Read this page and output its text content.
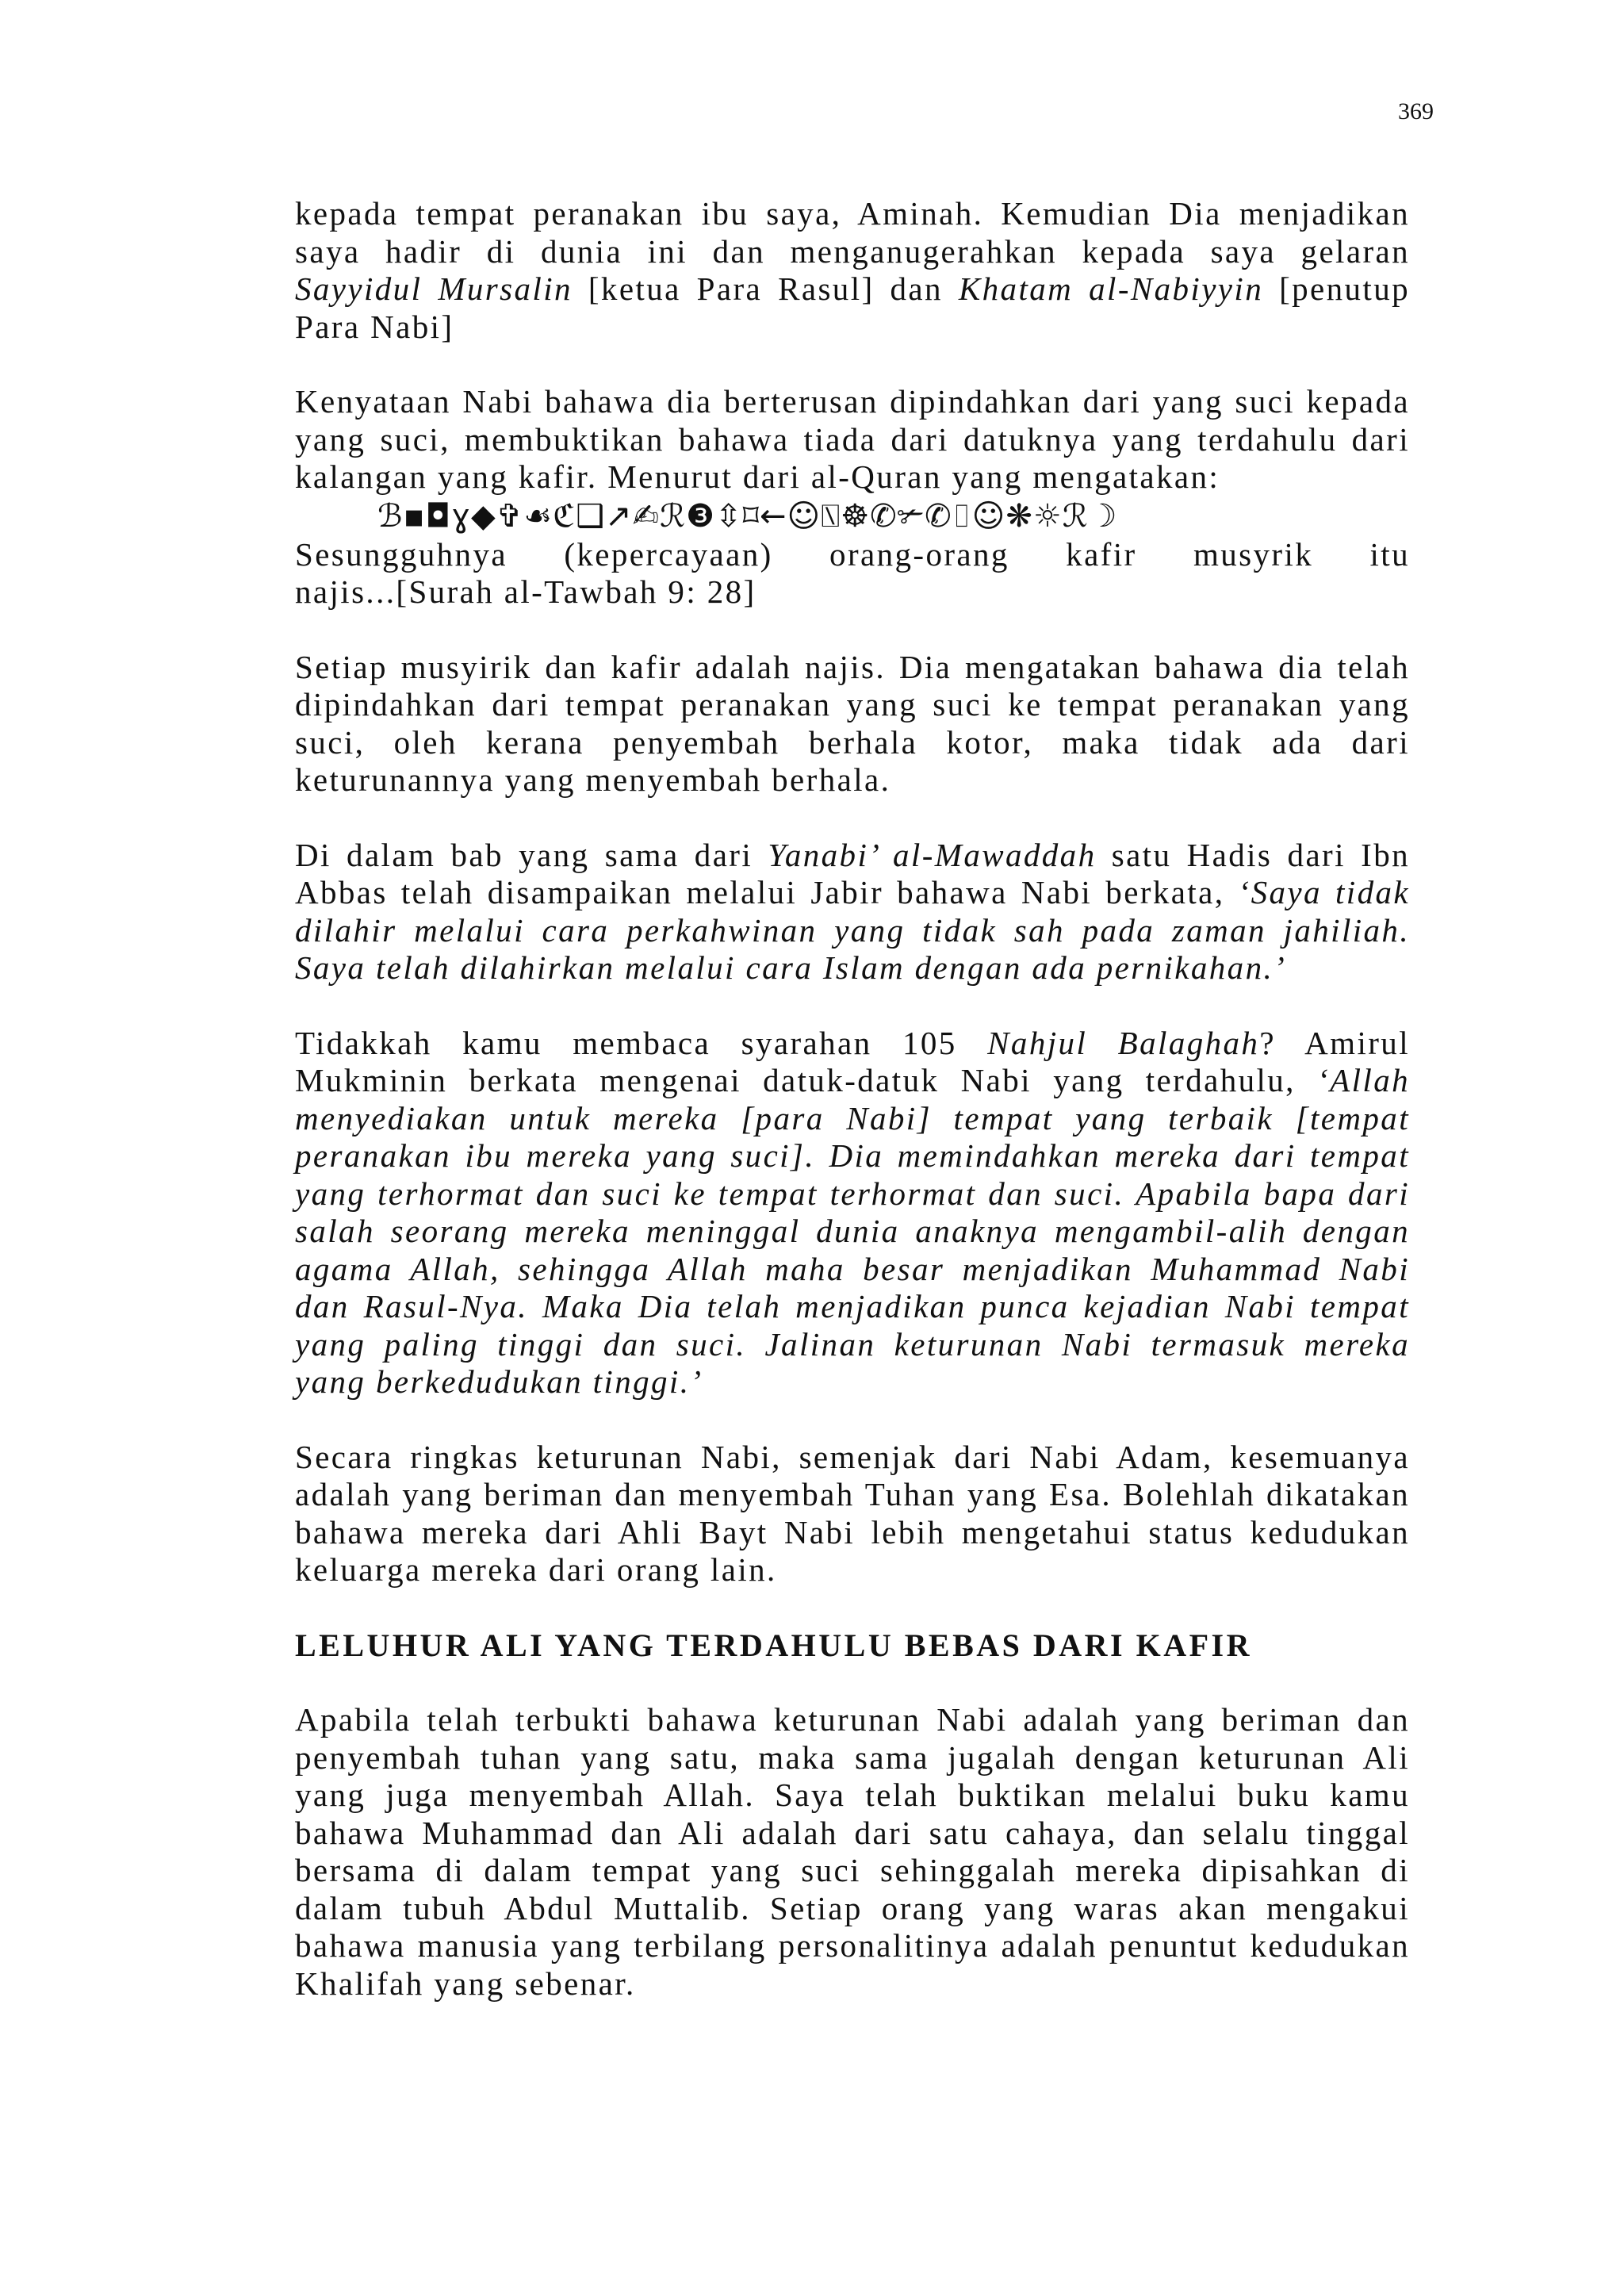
369

kepada tempat peranakan ibu saya, Aminah. Kemudian Dia menjadikan saya hadir di dunia ini dan menganugerahkan kepada saya gelaran Sayyidul Mursalin [ketua Para Rasul] dan Khatam al-Nabiyyin [penutup Para Nabi]

Kenyataan Nabi bahawa dia berterusan dipindahkan dari yang suci kepada yang suci, membuktikan bahawa tiada dari datuknya yang terdahulu dari kalangan yang kafir. Menurut dari al-Quran yang mengatakan:

ℬ▪◘ɣ◆✞☙ℭ❑↗✍ℛ❸⇳⌑←☺⍂☸✆✃✆⌷☺❋☼ℛ☽

Sesungguhnya (kepercayaan) orang-orang kafir musyrik itu

najis...[Surah al-Tawbah 9: 28]

Setiap musyirik dan kafir adalah najis. Dia mengatakan bahawa dia telah dipindahkan dari tempat peranakan yang suci ke tempat peranakan yang suci, oleh kerana penyembah berhala kotor, maka tidak ada dari keturunannya yang menyembah berhala.

Di dalam bab yang sama dari Yanabi’ al-Mawaddah satu Hadis dari Ibn Abbas telah disampaikan melalui Jabir bahawa Nabi berkata, ‘Saya tidak dilahir melalui cara perkahwinan yang tidak sah pada zaman jahiliah. Saya telah dilahirkan melalui cara Islam dengan ada pernikahan.’

Tidakkah kamu membaca syarahan 105 Nahjul Balaghah? Amirul Mukminin berkata mengenai datuk-datuk Nabi yang terdahulu, ‘Allah menyediakan untuk mereka [para Nabi] tempat yang terbaik [tempat peranakan ibu mereka yang suci]. Dia memindahkan mereka dari tempat yang terhormat dan suci ke tempat terhormat dan suci. Apabila bapa dari salah seorang mereka meninggal dunia anaknya mengambil-alih dengan agama Allah, sehingga Allah maha besar menjadikan Muhammad Nabi dan Rasul-Nya. Maka Dia telah menjadikan punca kejadian Nabi tempat yang paling tinggi dan suci. Jalinan keturunan Nabi termasuk mereka yang berkedudukan tinggi.’

Secara ringkas keturunan Nabi, semenjak dari Nabi Adam, kesemuanya adalah yang beriman dan menyembah Tuhan yang Esa. Bolehlah dikatakan bahawa mereka dari Ahli Bayt Nabi lebih mengetahui status kedudukan keluarga mereka dari orang lain.

LELUHUR ALI YANG TERDAHULU BEBAS DARI KAFIR

Apabila telah terbukti bahawa keturunan Nabi adalah yang beriman dan penyembah tuhan yang satu, maka sama jugalah dengan keturunan Ali yang juga menyembah Allah. Saya telah buktikan melalui buku kamu bahawa Muhammad dan Ali adalah dari satu cahaya, dan selalu tinggal bersama di dalam tempat yang suci sehinggalah mereka dipisahkan di dalam tubuh Abdul Muttalib. Setiap orang yang waras akan mengakui bahawa manusia yang terbilang personalitinya adalah penuntut kedudukan Khalifah yang sebenar.
